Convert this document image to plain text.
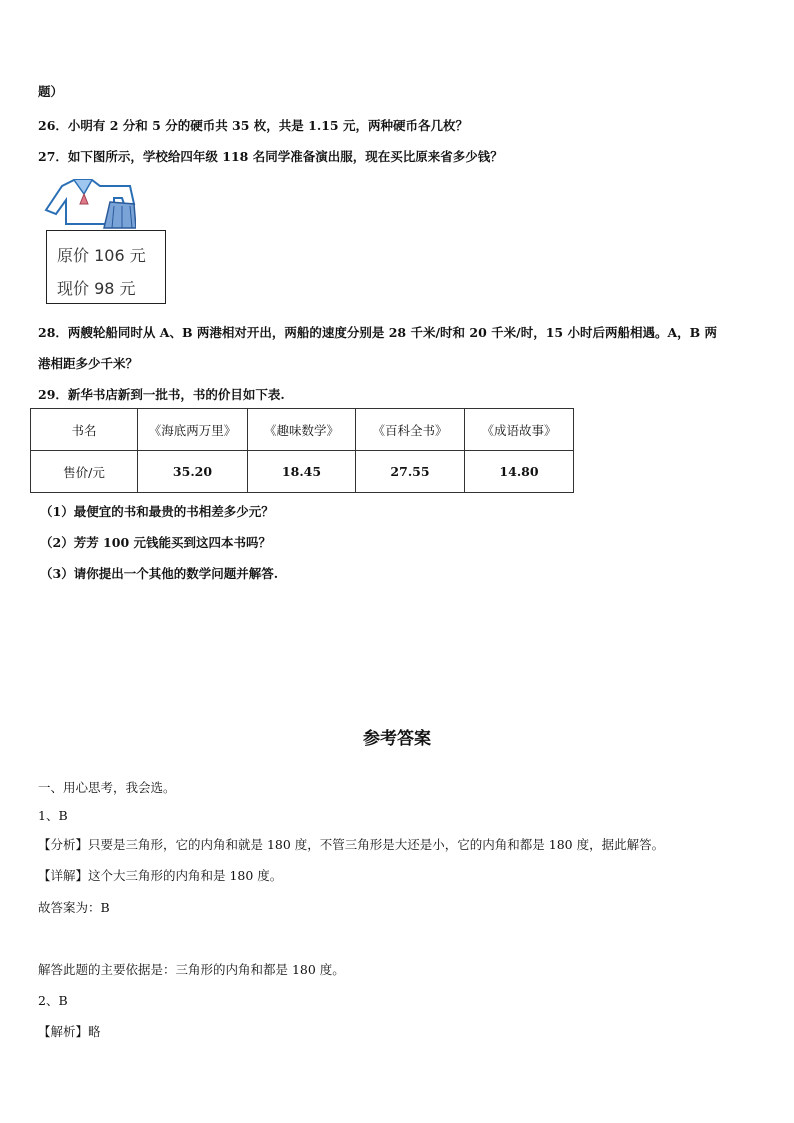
题）
26．小明有 2 分和 5 分的硬币共 35 枚，共是 1.15 元，两种硬币各几枚？
27．如下图所示，学校给四年级 118 名同学准备演出服，现在买比原来省多少钱？
原价 106 元
现价 98 元
28．两艘轮船同时从 A、B 两港相对开出，两船的速度分别是 28 千米/时和 20 千米/时，15 小时后两船相遇。A，B 两
港相距多少千米？
29．新华书店新到一批书，书的价目如下表.
书名	《海底两万里》	《趣味数学》	《百科全书》	《成语故事》
售价/元	35.20	18.45	27.55	14.80
（1）最便宜的书和最贵的书相差多少元？
（2）芳芳 100 元钱能买到这四本书吗？
（3）请你提出一个其他的数学问题并解答.
参考答案
一、用心思考，我会选。
1、B
【分析】只要是三角形，它的内角和就是 180 度，不管三角形是大还是小，它的内角和都是 180 度，据此解答。
【详解】这个大三角形的内角和是 180 度。
故答案为：B
解答此题的主要依据是：三角形的内角和都是 180 度。
2、B
【解析】略
